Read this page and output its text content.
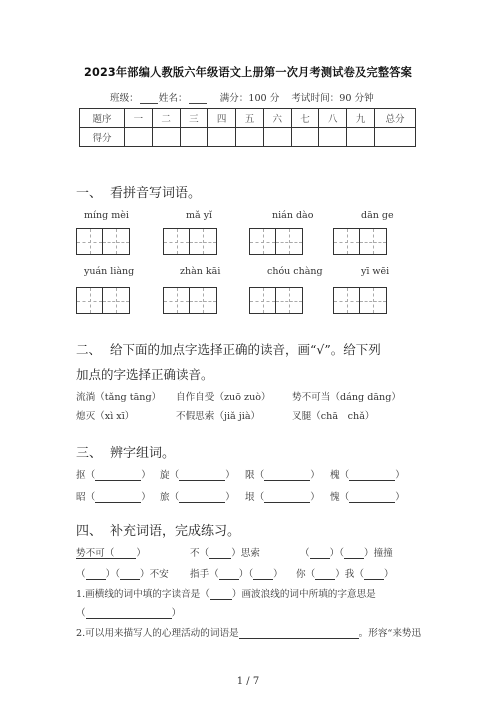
2023年部编人教版六年级语文上册第一次月考测试卷及完整答案
班级： 姓名：	满分：100 分 考试时间：90 分钟
题序	一	二	三	四	五	六	七	八	九	总分
得分										
一、 看拼音写词语。
míng mèi	mǎ yǐ	nián dào	dān ge
yuán liàng	zhàn kāi	chóu chàng	yī wēi
二、 给下面的加点字选择正确的读音，画“√”。给下列
加点的字选择正确读音。
流淌（tǎng tāng） 自作自受（zuō zuò） 势不可当（dáng dāng）
熄灭（xì xī）	不假思索（jiǎ jià）	叉腿（chā　chǎ）
三、 辨字组词。
抠（	） 旋（	） 限（	） 槐（	）
昭（	） 旅（	） 垠（	） 愧（	）
四、 补充词语，完成练习。
势不可（ ）	不（ ）思索	（ ）（ ）撞撞
（ ）（ ）不安 指手（ ）（ ） 你（ ）我（ ）
1.画横线的词中填的字读音是（ ）画波浪线的词中所填的字意思是
（	）
2.可以用来描写人的心理活动的词语是	。形容“来势迅
1 / 7
